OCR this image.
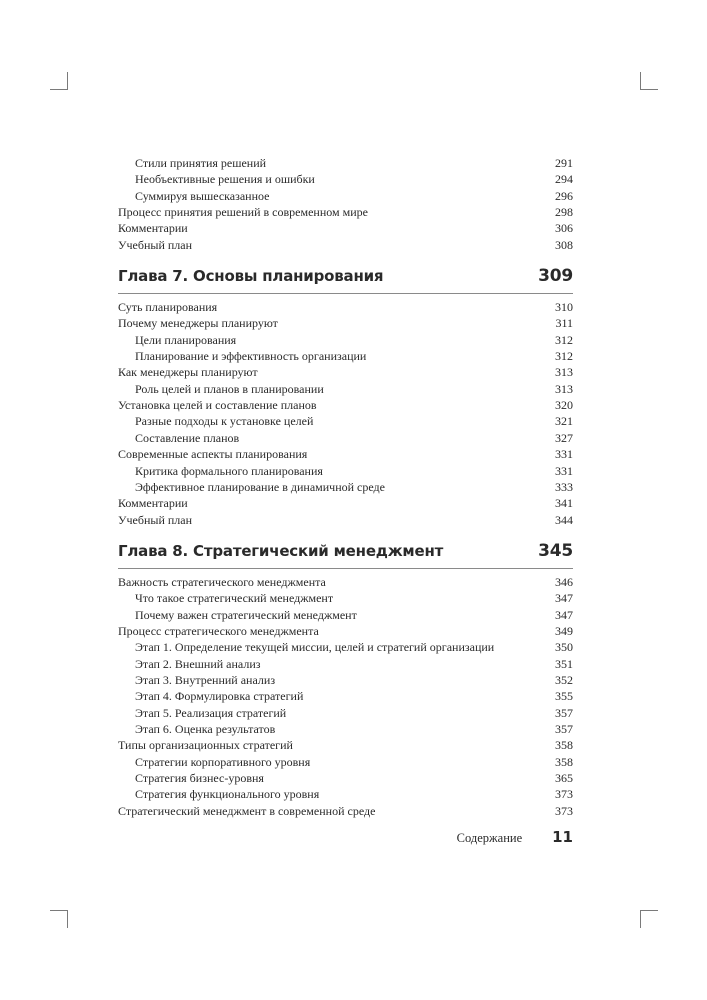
Стили принятия решений	291
Необъективные решения и ошибки	294
Суммируя вышесказанное	296
Процесс принятия решений в современном мире	298
Комментарии	306
Учебный план	308
Глава 7. Основы планирования	309
Суть планирования	310
Почему менеджеры планируют	311
Цели планирования	312
Планирование и эффективность организации	312
Как менеджеры планируют	313
Роль целей и планов в планировании	313
Установка целей и составление планов	320
Разные подходы к установке целей	321
Составление планов	327
Современные аспекты планирования	331
Критика формального планирования	331
Эффективное планирование в динамичной среде	333
Комментарии	341
Учебный план	344
Глава 8. Стратегический менеджмент	345
Важность стратегического менеджмента	346
Что такое стратегический менеджмент	347
Почему важен стратегический менеджмент	347
Процесс стратегического менеджмента	349
Этап 1. Определение текущей миссии, целей и стратегий организации	350
Этап 2. Внешний анализ	351
Этап 3. Внутренний анализ	352
Этап 4. Формулировка стратегий	355
Этап 5. Реализация стратегий	357
Этап 6. Оценка результатов	357
Типы организационных стратегий	358
Стратегии корпоративного уровня	358
Стратегия бизнес-уровня	365
Стратегия функционального уровня	373
Стратегический менеджмент в современной среде	373
Содержание 11
